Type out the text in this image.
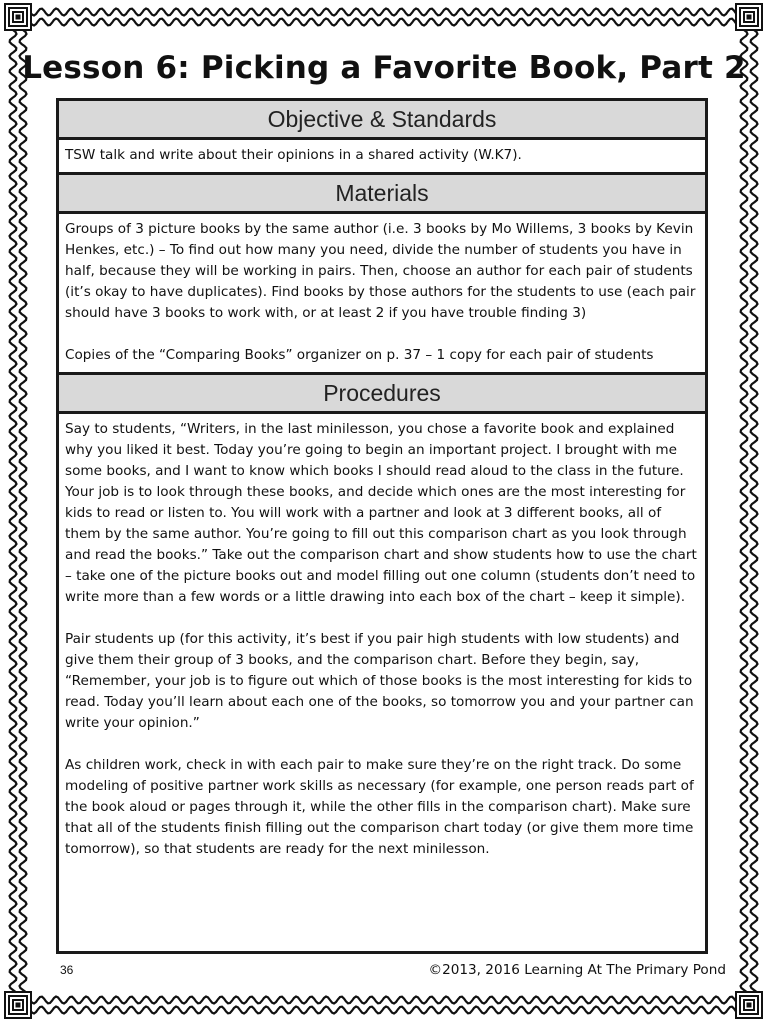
Lesson 6: Picking a Favorite Book, Part 2
Objective & Standards

TSW talk and write about their opinions in a shared activity (W.K7).

Materials

Groups of 3 picture books by the same author (i.e. 3 books by Mo Willems, 3 books by Kevin Henkes, etc.) – To find out how many you need, divide the number of students you have in half, because they will be working in pairs. Then, choose an author for each pair of students (it’s okay to have duplicates). Find books by those authors for the students to use (each pair should have 3 books to work with, or at least 2 if you have trouble finding 3)

Copies of the “Comparing Books” organizer on p. 37 – 1 copy for each pair of students

Procedures

Say to students, “Writers, in the last minilesson, you chose a favorite book and explained why you liked it best. Today you’re going to begin an important project. I brought with me some books, and I want to know which books I should read aloud to the class in the future. Your job is to look through these books, and decide which ones are the most interesting for kids to read or listen to. You will work with a partner and look at 3 different books, all of them by the same author. You’re going to fill out this comparison chart as you look through and read the books.” Take out the comparison chart and show students how to use the chart – take one of the picture books out and model filling out one column (students don’t need to write more than a few words or a little drawing into each box of the chart – keep it simple).

Pair students up (for this activity, it’s best if you pair high students with low students) and give them their group of 3 books, and the comparison chart. Before they begin, say, “Remember, your job is to figure out which of those books is the most interesting for kids to read. Today you’ll learn about each one of the books, so tomorrow you and your partner can write your opinion.”

As children work, check in with each pair to make sure they’re on the right track. Do some modeling of positive partner work skills as necessary (for example, one person reads part of the book aloud or pages through it, while the other fills in the comparison chart). Make sure that all of the students finish filling out the comparison chart today (or give them more time tomorrow), so that students are ready for the next minilesson.

36	©2013, 2016 Learning At The Primary Pond
